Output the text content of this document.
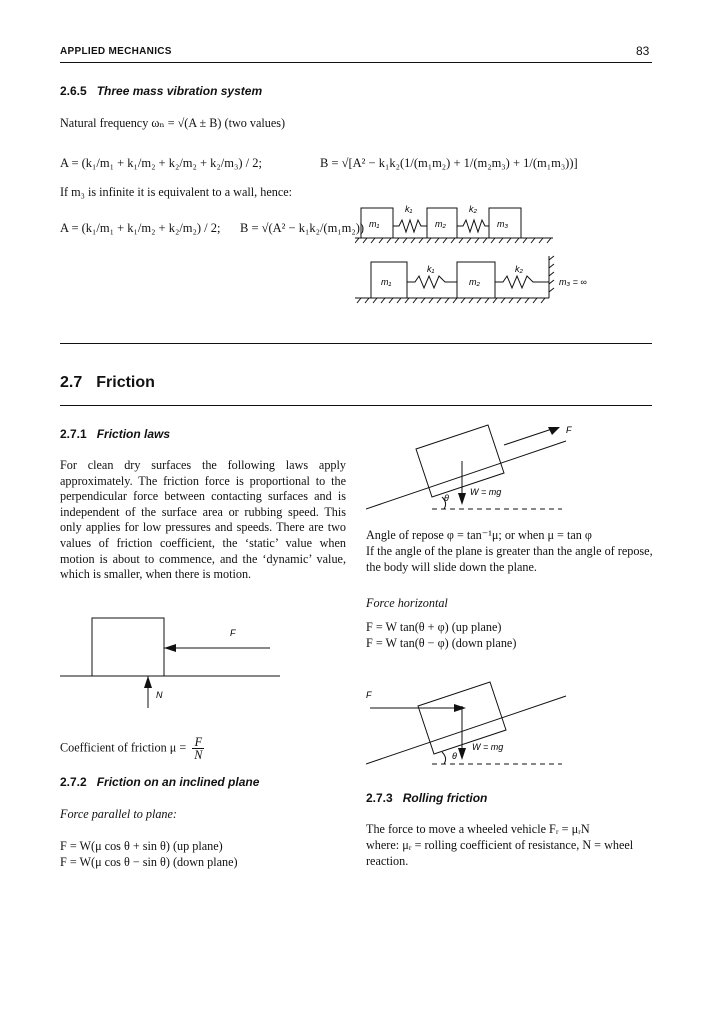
APPLIED MECHANICS	83
2.6.5 Three mass vibration system
Natural frequency ωₙ = √(A ± B) (two values)
A = (k₁/m₁ + k₁/m₂ + k₂/m₂ + k₂/m₃) / 2;	B = √[A² − k₁k₂(1/(m₁m₂) + 1/(m₂m₃) + 1/(m₁m₃))]
If m₃ is infinite it is equivalent to a wall, hence:
A = (k₁/m₁ + k₁/m₂ + k₂/m₂) / 2; B = √(A² − k₁k₂/(m₁m₂)) m₁
k₁
m₂
k₂
m₃
m₁
k₁
m₂
k₂
m₃ = ∞
2.7 Friction
2.7.1 Friction laws
For clean dry surfaces the following laws apply approximately. The friction force is proportional to the perpendicular force between contacting surfaces and is independent of the surface area or rubbing speed. This only applies for low pressures and speeds. There are two values of friction coefficient, the ‘static’ value when motion is about to commence, and the ‘dynamic’ value, which is smaller, when there is motion.
F
N
Coefficient of friction $\mu = \frac{F}{N}$
2.7.2 Friction on an inclined plane
Force parallel to plane:
F = W(μ cos θ + sin θ) (up plane)
F = W(μ cos θ − sin θ) (down plane)
F
W = mg
θ
Angle of repose φ = tan⁻¹μ; or when μ = tan φ
If the angle of the plane is greater than the angle of repose, the body will slide down the plane.
Force horizontal
F = W tan(θ + φ) (up plane)
F = W tan(θ − φ) (down plane)
F
W = mg
θ
2.7.3 Rolling friction
The force to move a wheeled vehicle Fᵣ = μᵣN
where: μᵣ = rolling coefficient of resistance, N = wheel
reaction.
